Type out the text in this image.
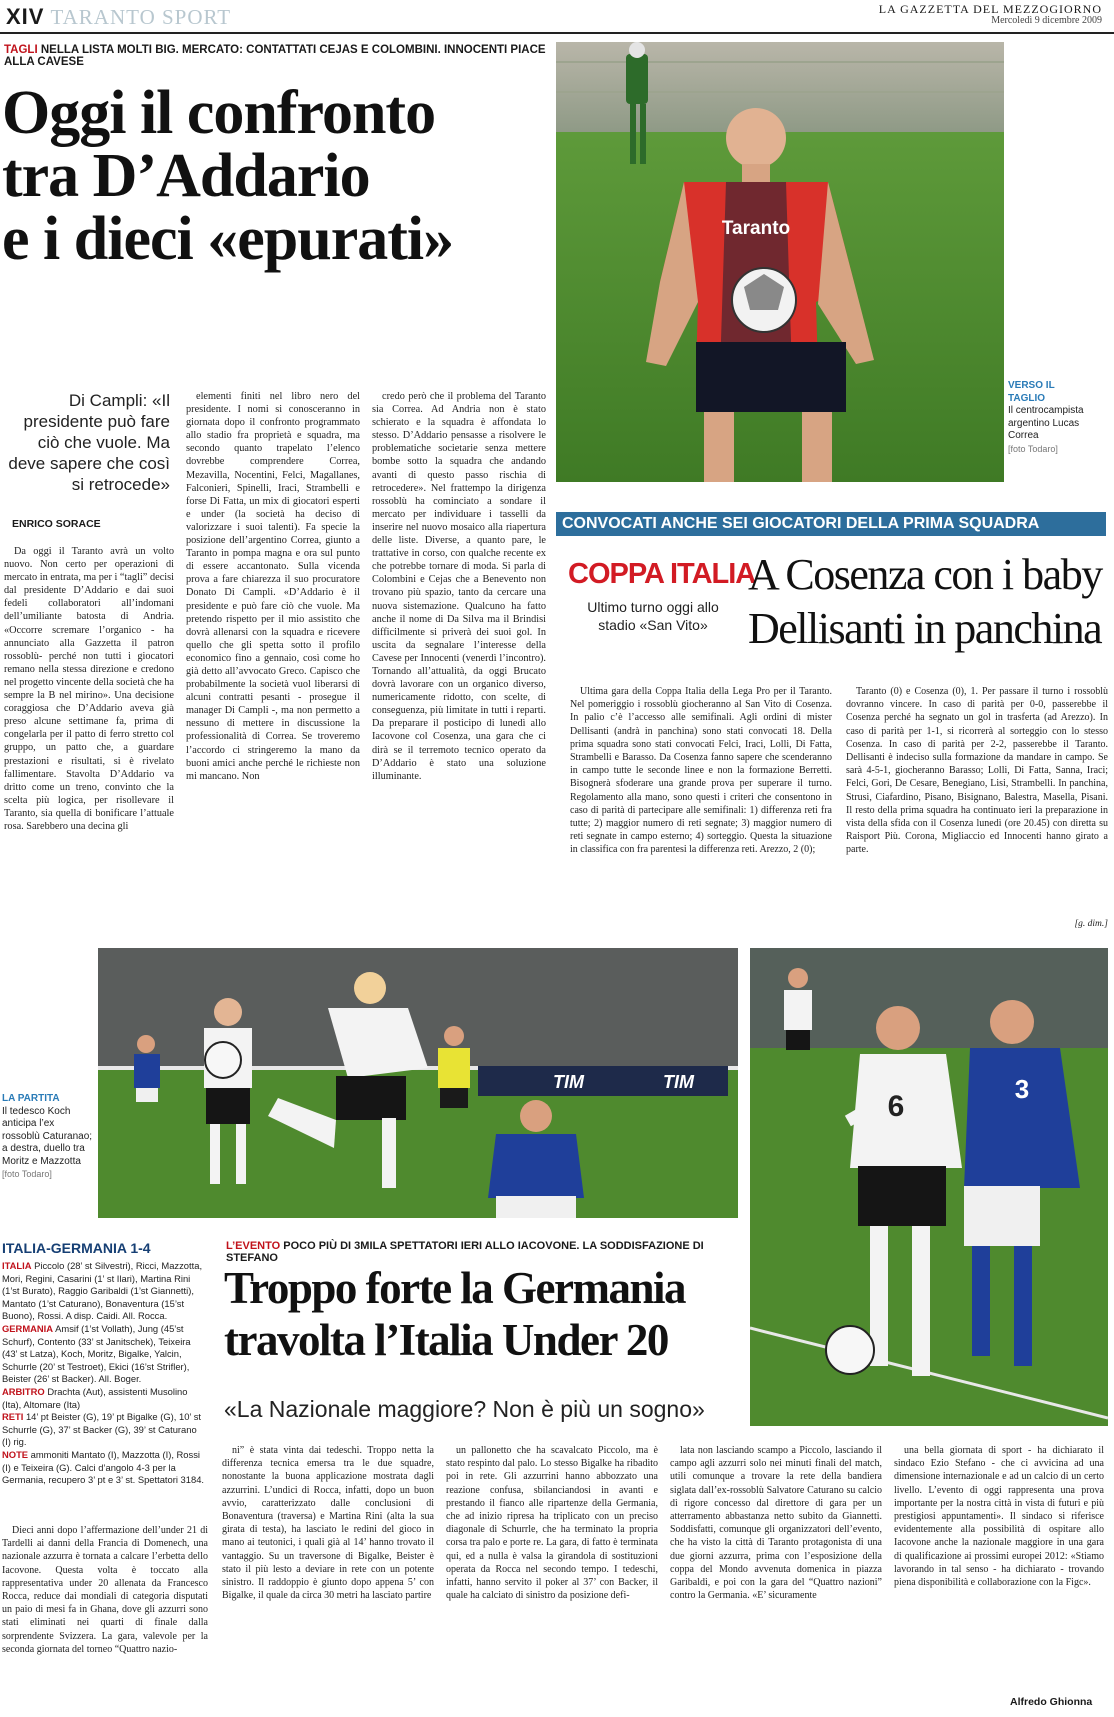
XIV TARANTO SPORT	LA GAZZETTA DEL MEZZOGIORNO
Mercoledì 9 dicembre 2009
TAGLI NELLA LISTA MOLTI BIG. MERCATO: CONTATTATI CEJAS E COLOMBINI. INNOCENTI PIACE ALLA CAVESE
Oggi il confronto
tra D’Addario
e i dieci «epurati»
Di Campli: «Il presidente può fare ciò che vuole. Ma deve sapere che così si retrocede»
ENRICO SORACE

Da oggi il Taranto avrà un volto nuovo. Non certo per operazioni di mercato in entrata, ma per i “tagli” decisi dal presidente D’Addario e dai suoi fedeli collaboratori all’indomani dell’umiliante batosta di Andria. «Occorre scremare l’organico - ha annunciato alla Gazzetta il patron rossoblù- perché non tutti i giocatori remano nella stessa direzione e credono nel progetto vincente della società che ha sempre la B nel mirino». Una decisione coraggiosa che D’Addario aveva già preso alcune settimane fa, prima di congelarla per il patto di ferro stretto col gruppo, un patto che, a guardare prestazioni e risultati, si è rivelato fallimentare. Stavolta D’Addario va dritto come un treno, convinto che la scelta più logica, per risollevare il Taranto, sia quella di bonificare l’attuale rosa. Sarebbero una decina gli

elementi finiti nel libro nero del presidente. I nomi si conosceranno in giornata dopo il confronto programmato allo stadio fra proprietà e squadra, ma secondo quanto trapelato l’elenco dovrebbe comprendere Correa, Mezavilla, Nocentini, Felci, Magallanes, Falconieri, Spinelli, Iraci, Strambelli e forse Di Fatta, un mix di giocatori esperti e under (la società ha deciso di valorizzare i suoi talenti). Fa specie la posizione dell’argentino Correa, giunto a Taranto in pompa magna e ora sul punto di essere accantonato. Sulla vicenda prova a fare chiarezza il suo procuratore Donato Di Campli. «D’Addario è il presidente e può fare ciò che vuole. Ma pretendo rispetto per il mio assistito che dovrà allenarsi con la squadra e ricevere quello che gli spetta sotto il profilo economico fino a gennaio, così come ho già detto all’avvocato Greco. Capisco che probabilmente la società vuol liberarsi di alcuni contratti pesanti - prosegue il manager Di Campli -, ma non permetto a nessuno di mettere in discussione la professionalità di Correa. Se troveremo l’accordo ci stringeremo la mano da buoni amici anche perché le richieste non mi mancano. Non

credo però che il problema del Taranto sia Correa. Ad Andria non è stato schierato e la squadra è affondata lo stesso. D’Addario pensasse a risolvere le problematiche societarie senza mettere bombe sotto la squadra che andando avanti di questo passo rischia di retrocedere». Nel frattempo la dirigenza rossoblù ha cominciato a sondare il mercato per individuare i tasselli da inserire nel nuovo mosaico alla riapertura delle liste. Diverse, a quanto pare, le trattative in corso, con qualche recente ex che potrebbe tornare di moda. Si parla di Colombini e Cejas che a Benevento non trovano più spazio, tanto da cercare una nuova sistemazione. Qualcuno ha fatto anche il nome di Da Silva ma il Brindisi difficilmente si priverà dei suoi gol. In uscita da segnalare l’interesse della Cavese per Innocenti (venerdì l’incontro). Tornando all’attualità, da oggi Brucato dovrà lavorare con un organico diverso, numericamente ridotto, con scelte, di conseguenza, più limitate in tutti i reparti. Da preparare il posticipo di lunedì allo Iacovone col Cosenza, una gara che ci dirà se il terremoto tecnico operato da D’Addario è stato una soluzione illuminante.

Taranto
VERSO IL TAGLIO
Il centrocampista argentino Lucas Correa
[foto Todaro]
CONVOCATI ANCHE SEI GIOCATORI DELLA PRIMA SQUADRA
COPPA ITALIA
Ultimo turno oggi allo stadio «San Vito»
A Cosenza con i baby
Dellisanti in panchina

Ultima gara della Coppa Italia della Lega Pro per il Taranto. Nel pomeriggio i rossoblù giocheranno al San Vito di Cosenza. In palio c’è l’accesso alle semifinali. Agli ordini di mister Dellisanti (andrà in panchina) sono stati convocati 18. Della prima squadra sono stati convocati Felci, Iraci, Lolli, Di Fatta, Strambelli e Barasso. Da Cosenza fanno sapere che scenderanno in campo tutte le seconde linee e non la formazione Berretti. Bisognerà sfoderare una grande prova per superare il turno. Regolamento alla mano, sono questi i criteri che consentono in caso di parità di partecipare alle semifinali: 1) differenza reti fra tutte; 2) maggior numero di reti segnate; 3) maggior numero di reti segnate in campo esterno; 4) sorteggio. Questa la situazione in classifica con fra parentesi la differenza reti. Arezzo, 2 (0);

Taranto (0) e Cosenza (0), 1. Per passare il turno i rossoblù dovranno vincere. In caso di parità per 0-0, passerebbe il Cosenza perché ha segnato un gol in trasferta (ad Arezzo). In caso di parità per 1-1, si ricorrerà al sorteggio con lo stesso Cosenza. In caso di parità per 2-2, passerebbe il Taranto. Dellisanti è indeciso sulla formazione da mandare in campo. Se sarà 4-5-1, giocheranno Barasso; Lolli, Di Fatta, Sanna, Iraci; Felci, Gori, De Cesare, Benegiano, Lisi, Strambelli. In panchina, Strusi, Ciafardino, Pisano, Bisignano, Balestra, Masella, Pisani. Il resto della prima squadra ha continuato ieri la preparazione in vista della sfida con il Cosenza lunedì (ore 20.45) con diretta su Raisport Più. Corona, Migliaccio ed Innocenti hanno girato a parte.

[g. dim.]
TIM	TIM
LA PARTITA
Il tedesco Koch anticipa l’ex rossoblù Caturanao; a destra, duello tra Moritz e Mazzotta
[foto Todaro]
6
3
ITALIA-GERMANIA 1-4
ITALIA Piccolo (28’ st Silvestri), Ricci, Mazzotta, Mori, Regini, Casarini (1’ st Ilari), Martina Rini (1’st Burato), Raggio Garibaldi (1’st Giannetti), Mantato (1’st Caturano), Bonaventura (15’st Buono), Rossi. A disp. Caidi. All. Rocca.
GERMANIA Amsif (1’st Vollath), Jung (45’st Schurf), Contento (33’ st Janitschek), Teixeira (43’ st Latza), Koch, Moritz, Bigalke, Yalcin, Schurrle (20’ st Testroet), Ekici (16’st Strifler), Beister (26’ st Backer). All. Boger.
ARBITRO Drachta (Aut), assistenti Musolino (Ita), Altomare (Ita)
RETI 14’ pt Beister (G), 19’ pt Bigalke (G), 10’ st Schurrle (G), 37’ st Backer (G), 39’ st Caturano (I) rig.
NOTE ammoniti Mantato (I), Mazzotta (I), Rossi (I) e Teixeira (G). Calci d’angolo 4-3 per la Germania, recupero 3’ pt e 3’ st. Spettatori 3184.

Dieci anni dopo l’affermazione dell’under 21 di Tardelli ai danni della Francia di Domenech, una nazionale azzurra è tornata a calcare l’erbetta dello Iacovone. Questa volta è toccato alla rappresentativa under 20 allenata da Francesco Rocca, reduce dai mondiali di categoria disputati un paio di mesi fa in Ghana, dove gli azzurri sono stati eliminati nei quarti di finale dalla sorprendente Svizzera. La gara, valevole per la seconda giornata del torneo “Quattro nazio-

L’EVENTO POCO PIÙ DI 3MILA SPETTATORI IERI ALLO IACOVONE. LA SODDISFAZIONE DI STEFANO
Troppo forte la Germania
travolta l’Italia Under 20
«La Nazionale maggiore? Non è più un sogno»

ni” è stata vinta dai tedeschi. Troppo netta la differenza tecnica emersa tra le due squadre, nonostante la buona applicazione mostrata dagli azzurrini. L’undici di Rocca, infatti, dopo un buon avvio, caratterizzato dalle conclusioni di Bonaventura (traversa) e Martina Rini (alta la sua girata di testa), ha lasciato le redini del gioco in mano ai teutonici, i quali già al 14’ hanno trovato il vantaggio. Su un traversone di Bigalke, Beister è stato il più lesto a deviare in rete con un potente sinistro. Il raddoppio è giunto dopo appena 5’ con Bigalke, il quale da circa 30 metri ha lasciato partire

un pallonetto che ha scavalcato Piccolo, ma è stato respinto dal palo. Lo stesso Bigalke ha ribadito poi in rete. Gli azzurrini hanno abbozzato una reazione confusa, sbilanciandosi in avanti e prestando il fianco alle ripartenze della Germania, che ad inizio ripresa ha triplicato con un preciso diagonale di Schurrle, che ha terminato la propria corsa tra palo e porte re. La gara, di fatto è terminata qui, ed a nulla è valsa la girandola di sostituzioni operata da Rocca nel secondo tempo. I tedeschi, infatti, hanno servito il poker al 37’ con Backer, il quale ha calciato di sinistro da posizione defi-

lata non lasciando scampo a Piccolo, lasciando il campo agli azzurri solo nei minuti finali del match, utili comunque a trovare la rete della bandiera siglata dall’ex-rossoblù Salvatore Caturano su calcio di rigore concesso dal direttore di gara per un atterramento abbastanza netto subito da Giannetti. Soddisfatti, comunque gli organizzatori dell’evento, che ha visto la città di Taranto protagonista di una due giorni azzurra, prima con l’esposizione della coppa del Mondo avvenuta domenica in piazza Garibaldi, e poi con la gara del “Quattro nazioni” contro la Germania. «E’ sicuramente

una bella giornata di sport - ha dichiarato il sindaco Ezio Stefano - che ci avvicina ad una dimensione internazionale e ad un calcio di un certo livello. L’evento di oggi rappresenta una prova importante per la nostra città in vista di futuri e più prestigiosi appuntamenti». Il sindaco si riferisce evidentemente alla possibilità di ospitare allo Iacovone anche la nazionale maggiore in una gara di qualificazione ai prossimi europei 2012: «Stiamo lavorando in tal senso - ha dichiarato - trovando piena disponibilità e collaborazione con la Figc».

Alfredo Ghionna
